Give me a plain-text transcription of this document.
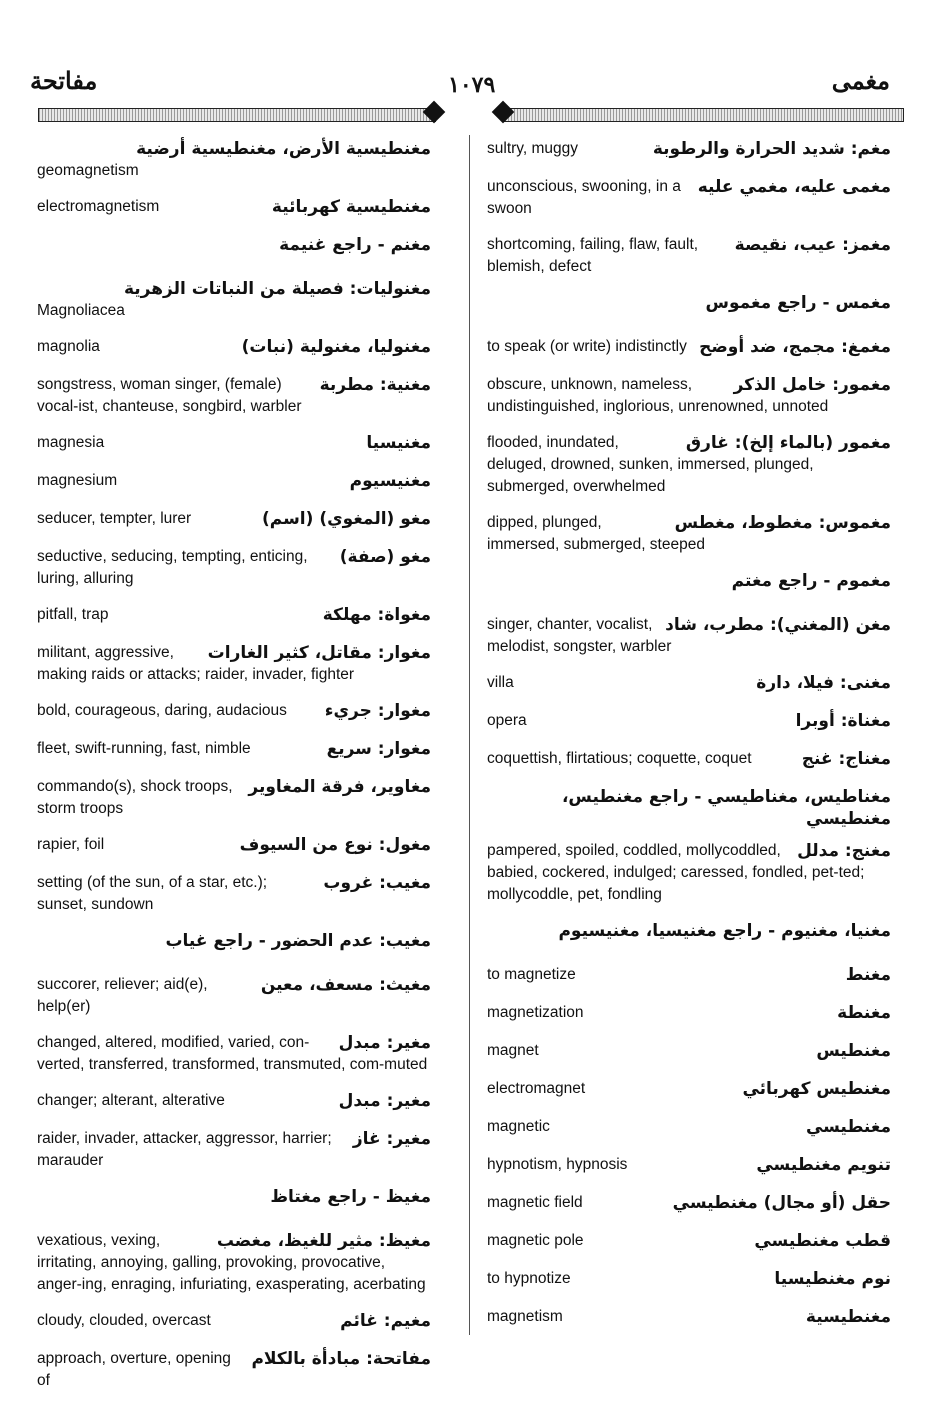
مفاتحة	١٠٧٩	مغمى
مغنطيسية الأرض، مغنطيسية أرضية
geomagnetism
مغنطيسية كهربائية
electromagnetism
مغنم - راجع غنيمة
مغنوليات: فصيلة من النباتات الزهرية
Magnoliacea
مغنوليا، مغنولية (نبات)
magnolia
مغنية: مطربة
songstress, woman singer, (female) vocal-ist, chanteuse, songbird, warbler
مغنيسيا
magnesia
مغنيسيوم
magnesium
مغو (المغوي) (اسم)
seducer, tempter, lurer
مغو (صفة)
seductive, seducing, tempting, enticing, luring, alluring
مغواة: مهلكة
pitfall, trap
مغوار: مقاتل، كثير الغارات
militant, aggressive, making raids or attacks; raider, invader, fighter
مغوار: جريء
bold, courageous, daring, audacious
مغوار: سريع
fleet, swift-running, fast, nimble
مغاوير، فرقة المغاوير
commando(s), shock troops, storm troops
مغول: نوع من السيوف
rapier, foil
مغيب: غروب
setting (of the sun, of a star, etc.); sunset, sundown
مغيب: عدم الحضور - راجع غياب
مغيث: مسعف، معين
succorer, reliever; aid(e), help(er)
مغير: مبدل
changed, altered, modified, varied, con-verted, transferred, transformed, transmuted, com-muted
مغير: مبدل
changer; alterant, alterative
مغير: غاز
raider, invader, attacker, aggressor, harrier; marauder
مغيظ - راجع مغتاظ
مغيظ: مثير للغيظ، مغضب
vexatious, vexing, irritating, annoying, galling, provoking, provocative, anger-ing, enraging, infuriating, exasperating, acerbating
مغيم: غائم
cloudy, clouded, overcast
مفاتحة: مبادأة بالكلام
approach, overture, opening of
مغم: شديد الحرارة والرطوبة
sultry, muggy
مغمى عليه، مغمي عليه
unconscious, swooning, in a swoon
مغمز: عيب، نقيصة
shortcoming, failing, flaw, fault, blemish, defect
مغمس - راجع مغموس
مغمغ: مجمج، ضد أوضح
to speak (or write) indistinctly
مغمور: خامل الذكر
obscure, unknown, nameless, undistinguished, inglorious, unrenowned, unnoted
مغمور (بالماء إلخ): غارق
flooded, inundated, deluged, drowned, sunken, immersed, plunged, submerged, overwhelmed
مغموس: مغطوط، مغطس
dipped, plunged, immersed, submerged, steeped
مغموم - راجع مغتم
مغن (المغني): مطرب، شاد
singer, chanter, vocalist, melodist, songster, warbler
مغنى: فيلا، دارة
villa
مغناة: أوبرا
opera
مغناج: غنج
coquettish, flirtatious; coquette, coquet
مغناطيس، مغناطيسي - راجع مغنطيس، مغنطيسي
مغنج: مدلل
pampered, spoiled, coddled, mollycoddled, babied, cockered, indulged; caressed, fondled, pet-ted; mollycoddle, pet, fondling
مغنيا، مغنيوم - راجع مغنيسيا، مغنيسيوم
مغنط
to magnetize
مغنطة
magnetization
مغنطيس
magnet
مغنطيس كهربائي
electromagnet
مغنطيسي
magnetic
تنويم مغنطيسي
hypnotism, hypnosis
حقل (أو مجال) مغنطيسي
magnetic field
قطب مغنطيسي
magnetic pole
نوم مغنطيسيا
to hypnotize
مغنطيسية
magnetism
